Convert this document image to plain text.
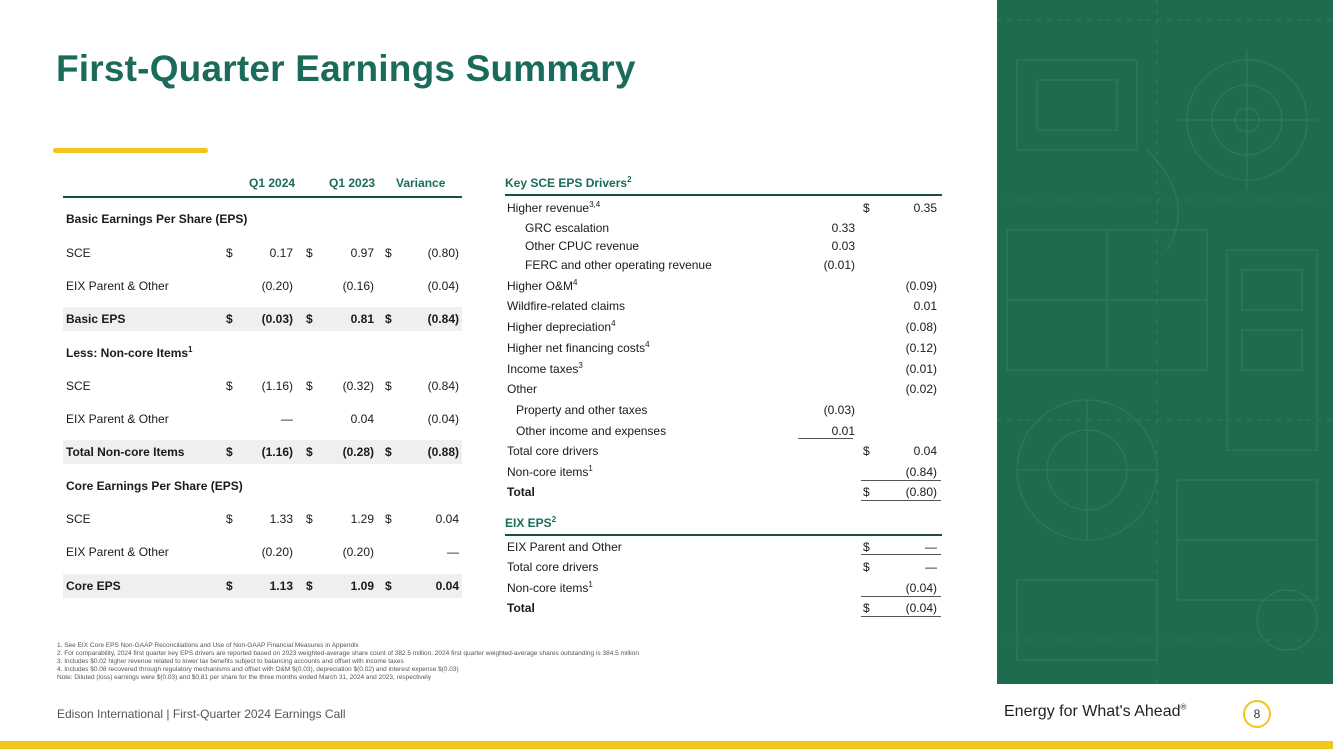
First-Quarter Earnings Summary
Q1 2024	Q1 2023 Variance
Basic Earnings Per Share (EPS)
SCE	$	0.17 $	0.97 $	(0.80)
EIX Parent & Other	(0.20)	(0.16)	(0.04)
Basic EPS	$	(0.03) $	0.81 $	(0.84)
Less: Non-core Items$^1$
SCE	$	(1.16) $	(0.32) $	(0.84)
EIX Parent & Other	—	0.04	(0.04)
Total Non-core Items	$	(1.16) $	(0.28) $	(0.88)
Core Earnings Per Share (EPS)
SCE	$	1.33 $	1.29 $	0.04
EIX Parent & Other	(0.20)	(0.20)	—
Core EPS	$	1.13 $	1.09 $	0.04
Key SCE EPS Drivers$^2$
Higher revenue$^{3,4}$	$	0.35
GRC escalation	0.33
Other CPUC revenue	0.03
FERC and other operating revenue	(0.01)
Higher $O\&M^4$	(0.09)
Wildfire-related claims	0.01
Higher depreciation$^4$	(0.08)
Higher net financing costs$^4$	(0.12)
Income taxes$^3$	(0.01)
Other	(0.02)
Property and other taxes	(0.03)
Other income and expenses	0.01
Total core drivers	$	0.04
Non-core items$^1$	(0.84)
Total	$	(0.80)
EIX EPS$^2$
EIX Parent and Other	$	—
Total core drivers	$	—
Non-core items$^1$	(0.04)
Total	$	(0.04)
1. See EIX Core EPS Non-GAAP Reconciliations and Use of Non-GAAP Financial Measures in Appendix
2. For comparability, 2024 first quarter key EPS drivers are reported based on 2023 weighted-average share count of 382.5 million. 2024 first quarter weighted-average shares outstanding is 384.5 million
3. Includes $0.02 higher revenue related to lower tax benefits subject to balancing accounts and offset with income taxes
4. Includes $0.08 recovered through regulatory mechanisms and offset with O&M $(0.03), depreciation $(0.02) and interest expense $(0.03)
Note: Diluted (loss) earnings were $(0.03) and $0.81 per share for the three months ended March 31, 2024 and 2023, respectively
Edison International | First-Quarter 2024 Earnings Call	Energy for What's Ahead®	8
